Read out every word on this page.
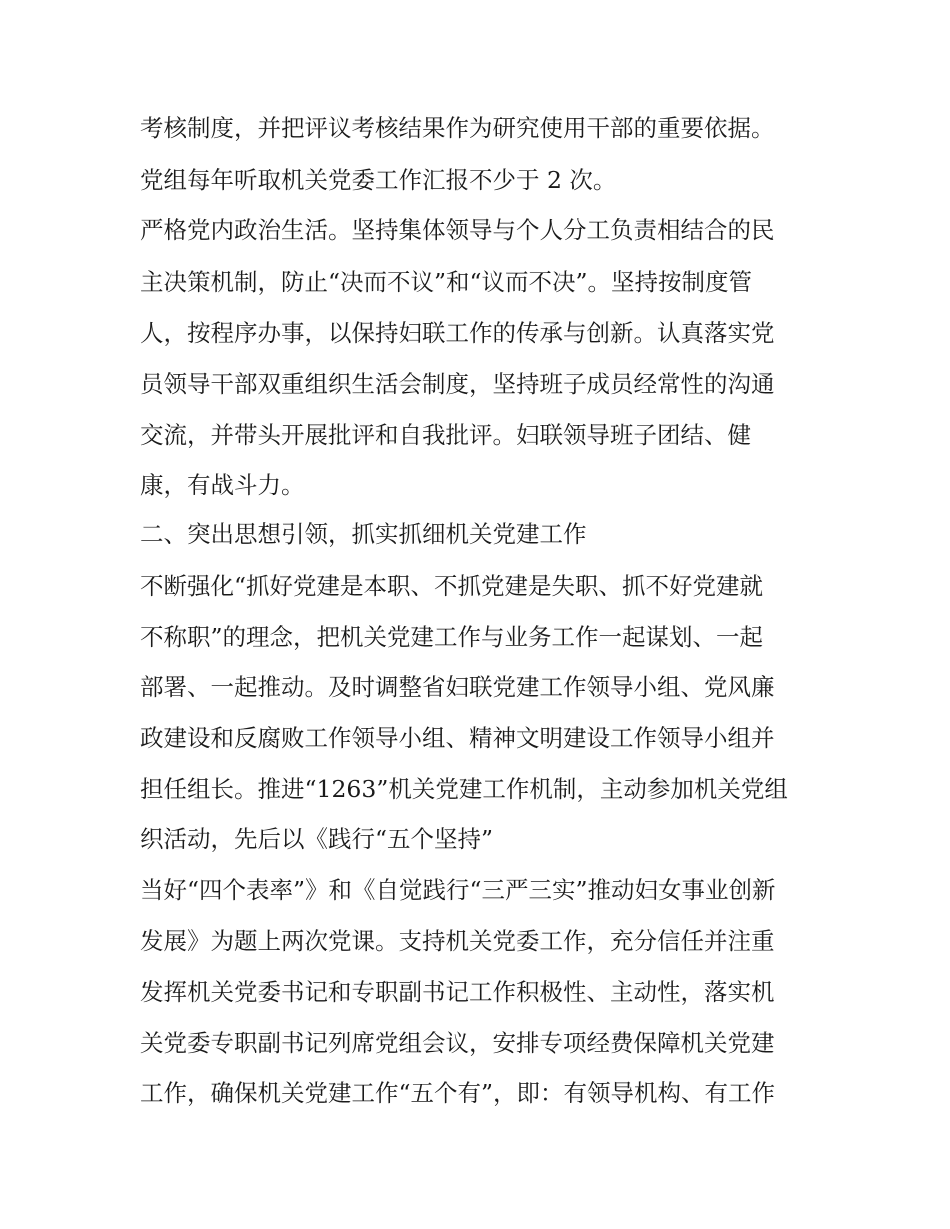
考核制度，并把评议考核结果作为研究使用干部的重要依据。
党组每年听取机关党委工作汇报不少于 2 次。
严格党内政治生活。坚持集体领导与个人分工负责相结合的民
主决策机制，防止“决而不议”和“议而不决”。坚持按制度管
人，按程序办事，以保持妇联工作的传承与创新。认真落实党
员领导干部双重组织生活会制度，坚持班子成员经常性的沟通
交流，并带头开展批评和自我批评。妇联领导班子团结、健
康，有战斗力。
二、突出思想引领，抓实抓细机关党建工作
不断强化“抓好党建是本职、不抓党建是失职、抓不好党建就
不称职”的理念，把机关党建工作与业务工作一起谋划、一起
部署、一起推动。及时调整省妇联党建工作领导小组、党风廉
政建设和反腐败工作领导小组、精神文明建设工作领导小组并
担任组长。推进“1263”机关党建工作机制，主动参加机关党组
织活动，先后以《践行“五个坚持”
当好“四个表率”》和《自觉践行“三严三实”推动妇女事业创新
发展》为题上两次党课。支持机关党委工作，充分信任并注重
发挥机关党委书记和专职副书记工作积极性、主动性，落实机
关党委专职副书记列席党组会议，安排专项经费保障机关党建
工作，确保机关党建工作“五个有”，即：有领导机构、有工作
